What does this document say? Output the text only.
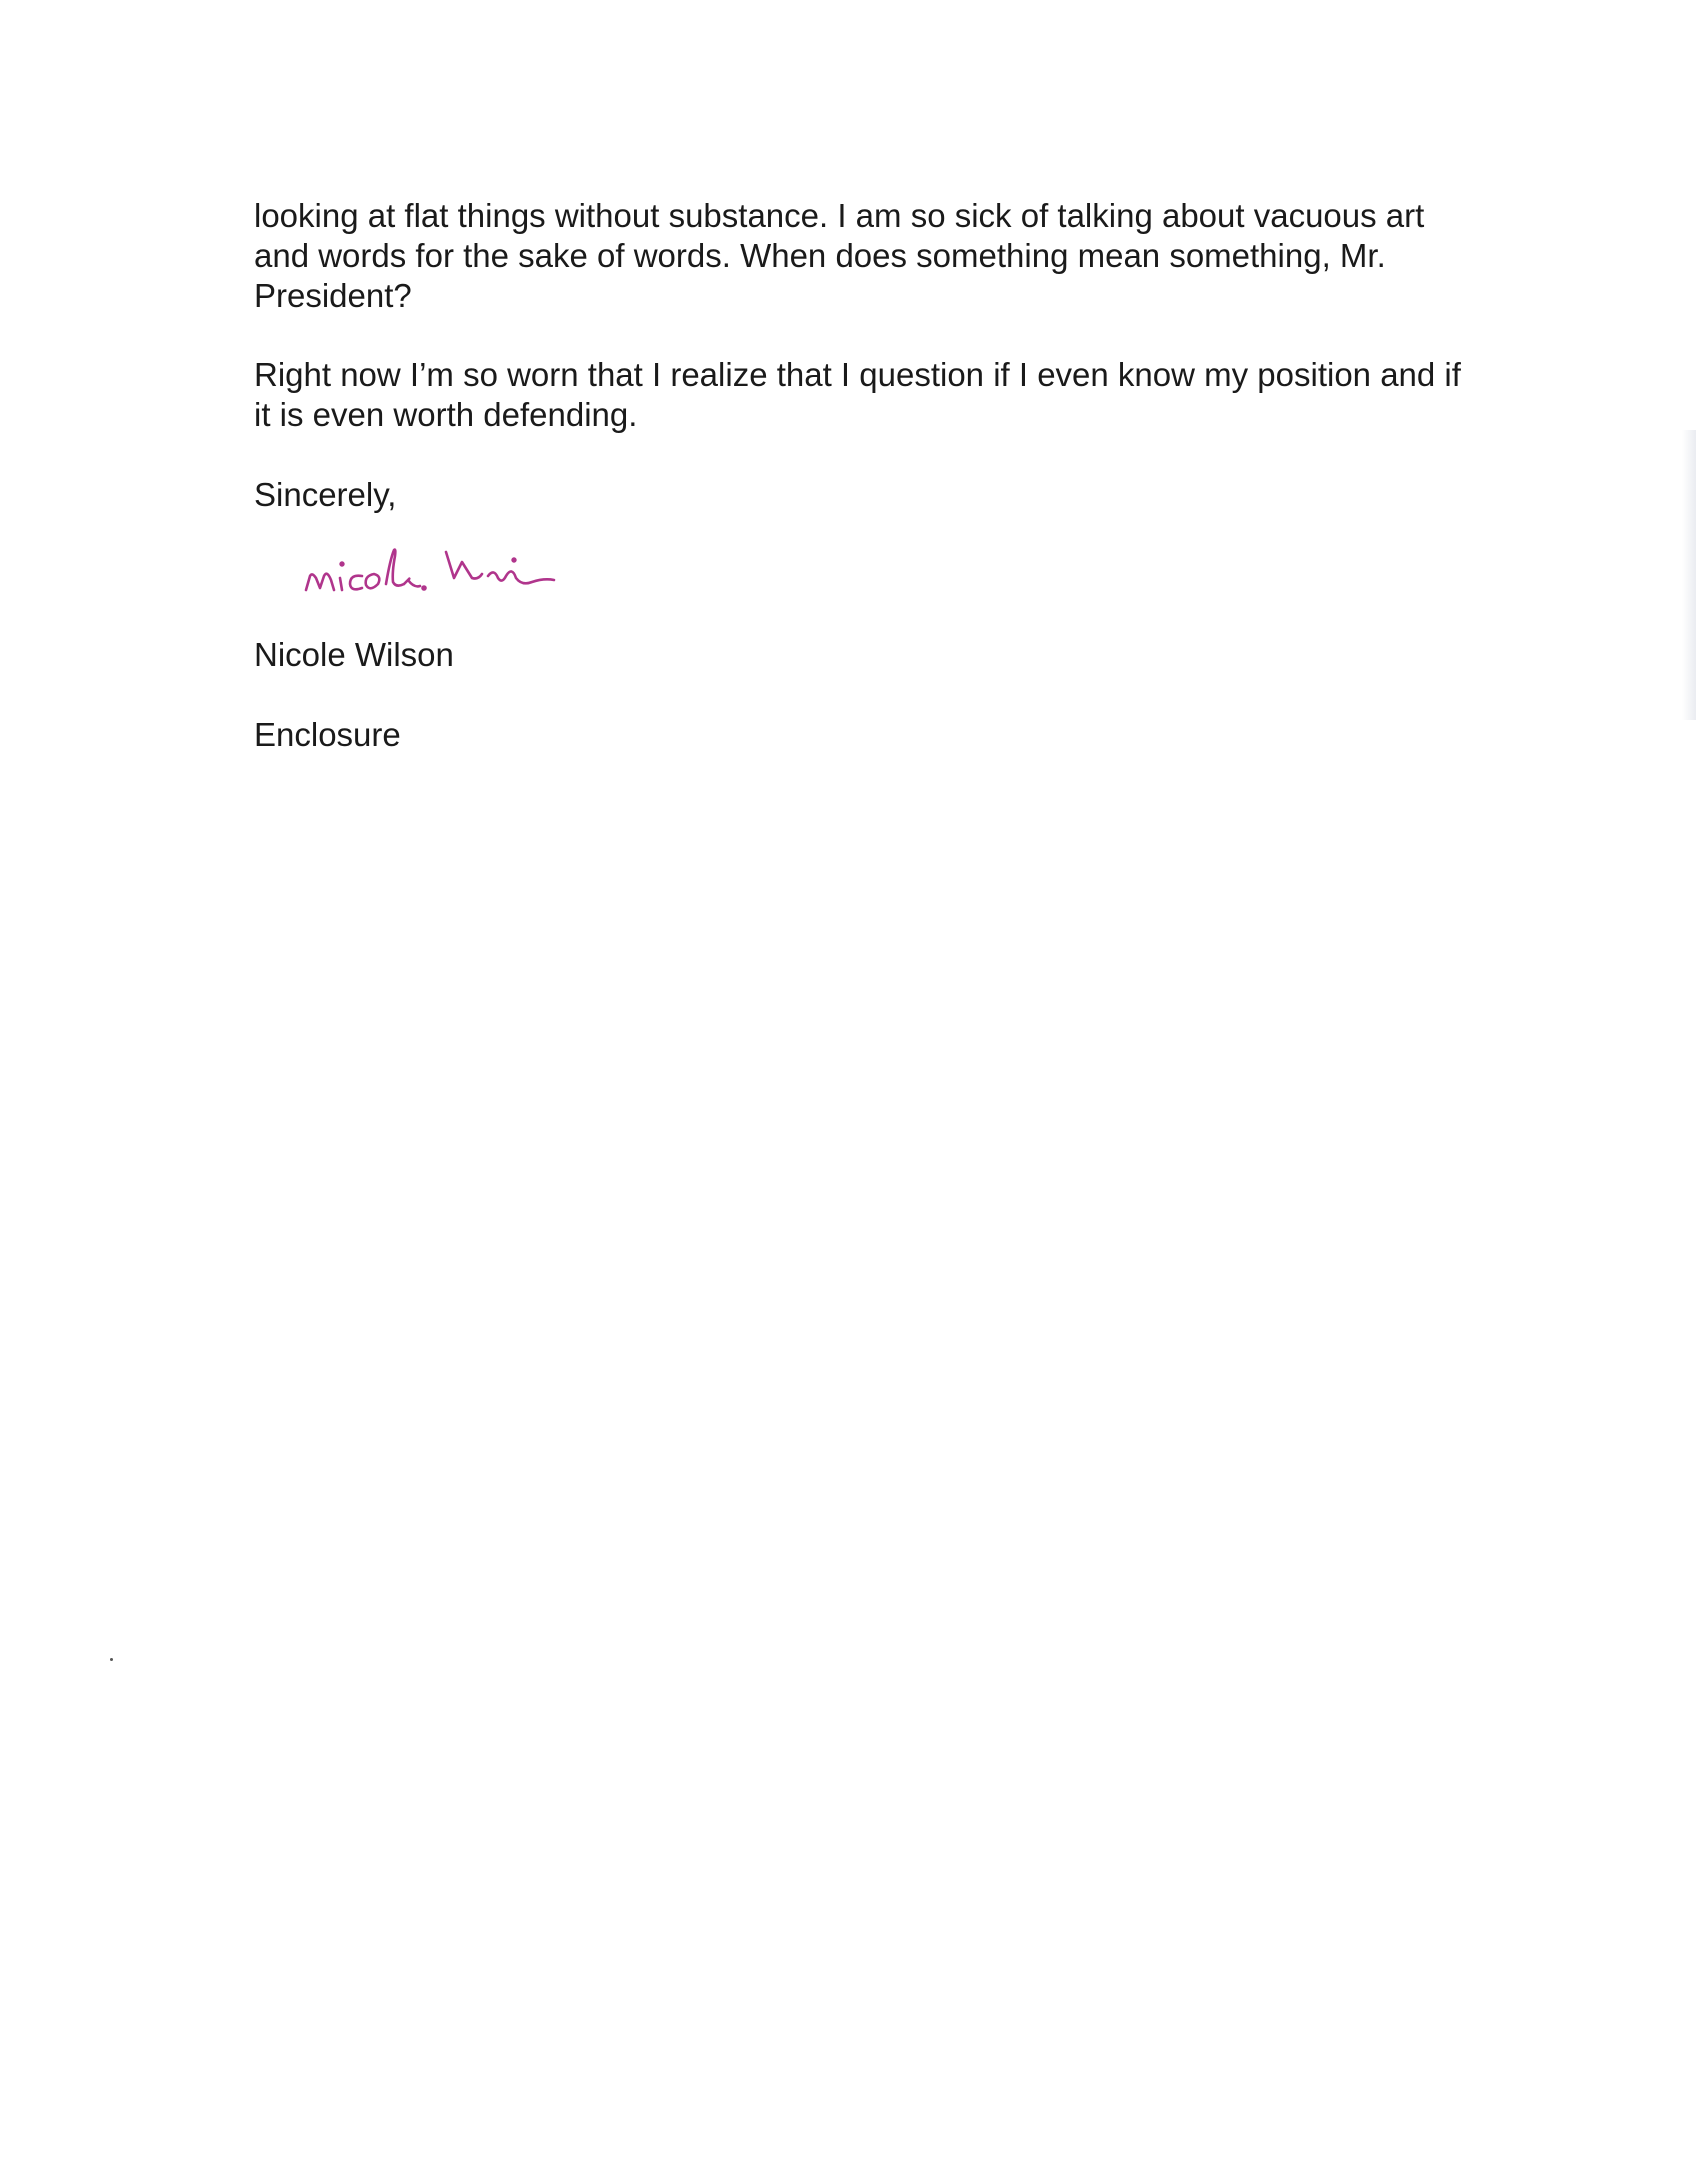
looking at flat things without substance. I am so sick of talking about vacuous art and words for the sake of words. When does something mean something, Mr. President?

Right now I’m so worn that I realize that I question if I even know my position and if it is even worth defending.

Sincerely,

Nicole Wilson

Enclosure
